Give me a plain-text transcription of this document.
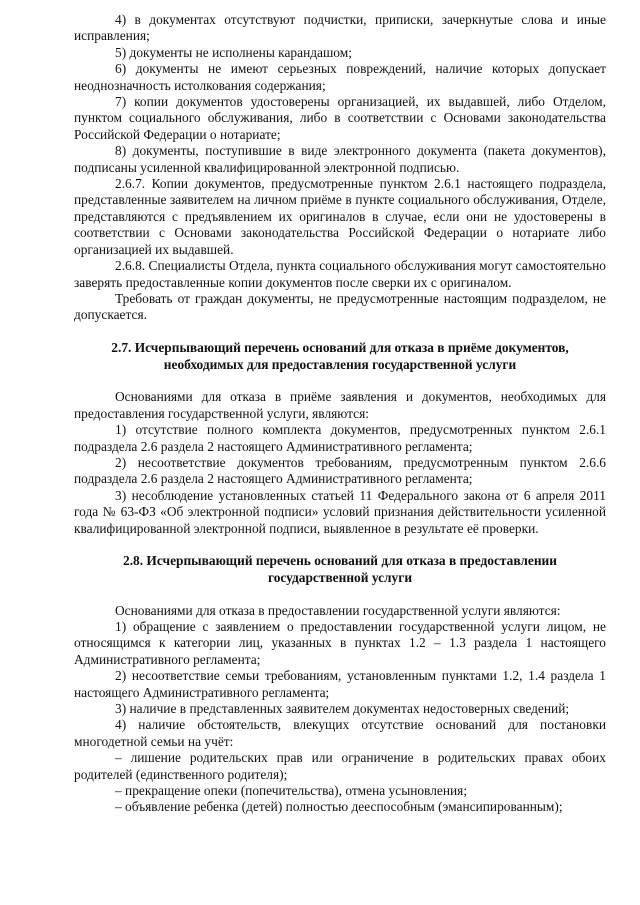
4) в документах отсутствуют подчистки, приписки, зачеркнутые слова и иные исправления;

5) документы не исполнены карандашом;

6) документы не имеют серьезных повреждений, наличие которых допускает неоднозначность истолкования содержания;

7) копии документов удостоверены организацией, их выдавшей, либо Отделом, пунктом социального обслуживания, либо в соответствии с Основами законодательства Российской Федерации о нотариате;

8) документы, поступившие в виде электронного документа (пакета документов), подписаны усиленной квалифицированной электронной подписью.

2.6.7. Копии документов, предусмотренные пунктом 2.6.1 настоящего подраздела, представленные заявителем на личном приёме в пункте социального обслуживания, Отделе, представляются с предъявлением их оригиналов в случае, если они не удостоверены в соответствии с Основами законодательства Российской Федерации о нотариате либо организацией их выдавшей.

2.6.8. Специалисты Отдела, пункта социального обслуживания могут самостоятельно заверять предоставленные копии документов после сверки их с оригиналом.

Требовать от граждан документы, не предусмотренные настоящим подразделом, не допускается.

2.7. Исчерпывающий перечень оснований для отказа в приёме документов, необходимых для предоставления государственной услуги

Основаниями для отказа в приёме заявления и документов, необходимых для предоставления государственной услуги, являются:

1) отсутствие полного комплекта документов, предусмотренных пунктом 2.6.1 подраздела 2.6 раздела 2 настоящего Административного регламента;

2) несоответствие документов требованиям, предусмотренным пунктом 2.6.6 подраздела 2.6 раздела 2 настоящего Административного регламента;

3) несоблюдение установленных статьей 11 Федерального закона от 6 апреля 2011 года № 63-ФЗ «Об электронной подписи» условий признания действительности усиленной квалифицированной электронной подписи, выявленное в результате её проверки.

2.8. Исчерпывающий перечень оснований для отказа в предоставлении государственной услуги

Основаниями для отказа в предоставлении государственной услуги являются:

1) обращение с заявлением о предоставлении государственной услуги лицом, не относящимся к категории лиц, указанных в пунктах 1.2 – 1.3 раздела 1 настоящего Административного регламента;

2) несоответствие семьи требованиям, установленным пунктами 1.2, 1.4 раздела 1 настоящего Административного регламента;

3) наличие в представленных заявителем документах недостоверных сведений;

4) наличие обстоятельств, влекущих отсутствие оснований для постановки многодетной семьи на учёт:

– лишение родительских прав или ограничение в родительских правах обоих родителей (единственного родителя);

– прекращение опеки (попечительства), отмена усыновления;

– объявление ребенка (детей) полностью дееспособным (эмансипированным);
